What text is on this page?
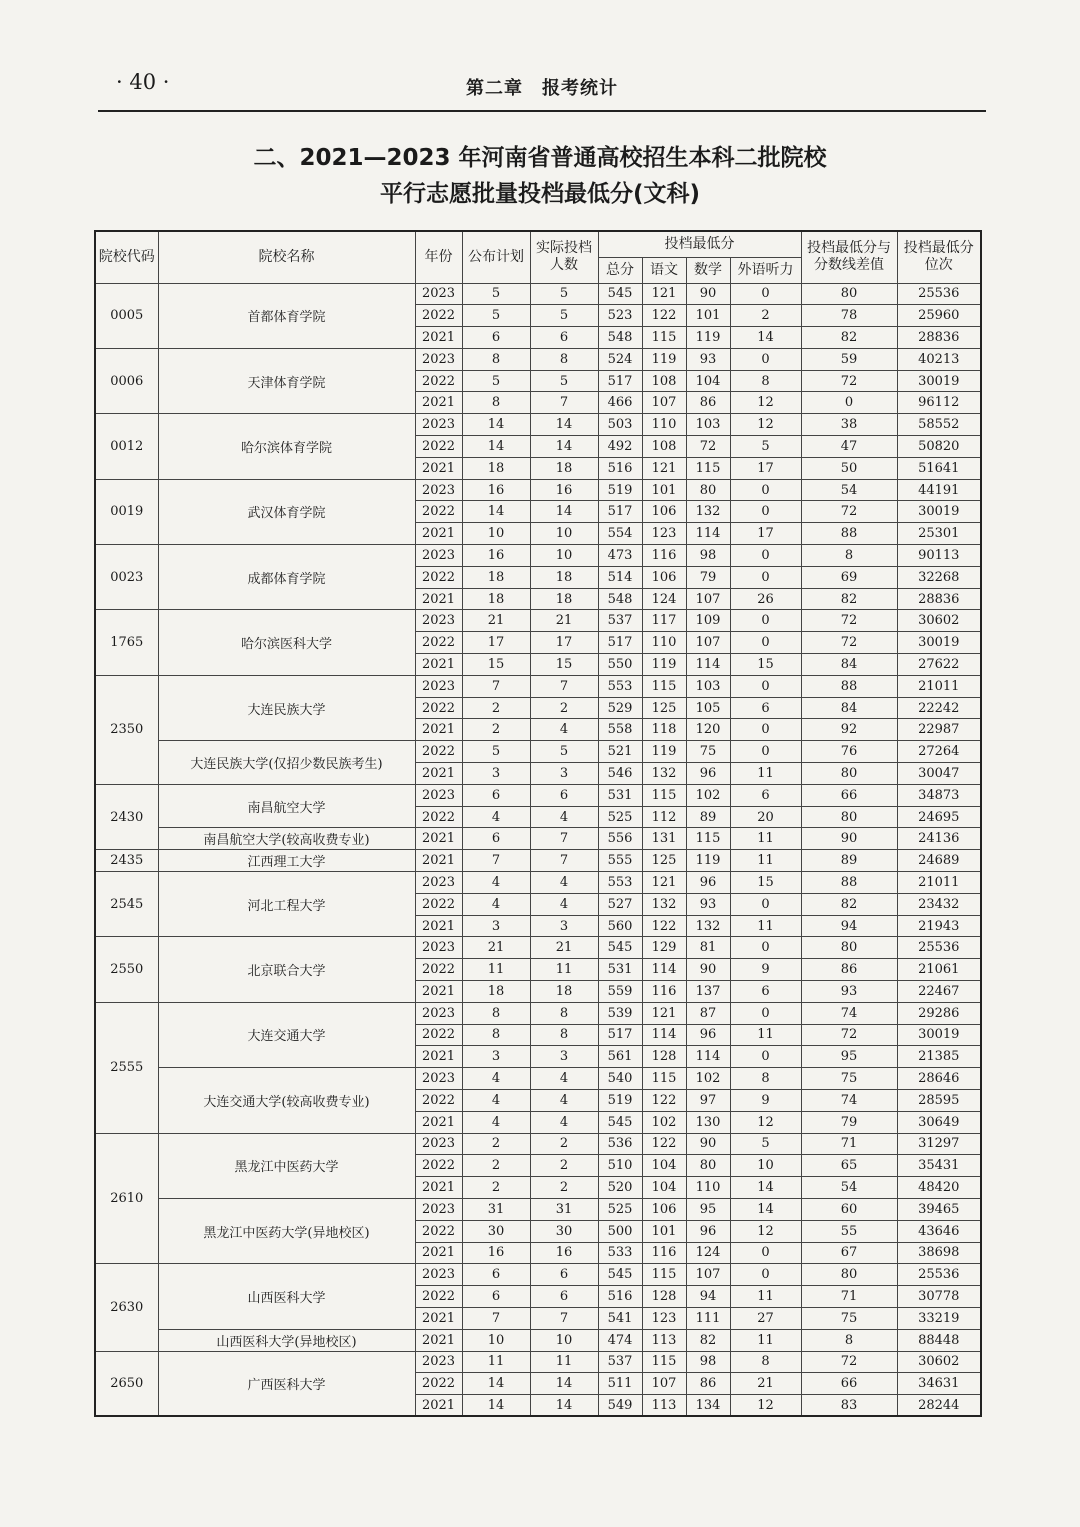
· 40 ·	第二章　报考统计
二、2021—2023 年河南省普通高校招生本科二批院校
平行志愿批量投档最低分(文科)
院校代码	院校名称	年份	公布计划	实际投档人数	投档最低分				投档最低分与分数线差值	投档最低分位次
					总分	语文	数学	外语听力		
0005	首都体育学院	2023	5	5	545	121	90	0	80	25536
		2022	5	5	523	122	101	2	78	25960
		2021	6	6	548	115	119	14	82	28836
0006	天津体育学院	2023	8	8	524	119	93	0	59	40213
		2022	5	5	517	108	104	8	72	30019
		2021	8	7	466	107	86	12	0	96112
0012	哈尔滨体育学院	2023	14	14	503	110	103	12	38	58552
		2022	14	14	492	108	72	5	47	50820
		2021	18	18	516	121	115	17	50	51641
0019	武汉体育学院	2023	16	16	519	101	80	0	54	44191
		2022	14	14	517	106	132	0	72	30019
		2021	10	10	554	123	114	17	88	25301
0023	成都体育学院	2023	16	10	473	116	98	0	8	90113
		2022	18	18	514	106	79	0	69	32268
		2021	18	18	548	124	107	26	82	28836
1765	哈尔滨医科大学	2023	21	21	537	117	109	0	72	30602
		2022	17	17	517	110	107	0	72	30019
		2021	15	15	550	119	114	15	84	27622
2350	大连民族大学	2023	7	7	553	115	103	0	88	21011
		2022	2	2	529	125	105	6	84	22242
		2021	2	4	558	118	120	0	92	22987
	大连民族大学(仅招少数民族考生)	2022	5	5	521	119	75	0	76	27264
		2021	3	3	546	132	96	11	80	30047
2430	南昌航空大学	2023	6	6	531	115	102	6	66	34873
		2022	4	4	525	112	89	20	80	24695
	南昌航空大学(较高收费专业)	2021	6	7	556	131	115	11	90	24136
2435	江西理工大学	2021	7	7	555	125	119	11	89	24689
2545	河北工程大学	2023	4	4	553	121	96	15	88	21011
		2022	4	4	527	132	93	0	82	23432
		2021	3	3	560	122	132	11	94	21943
2550	北京联合大学	2023	21	21	545	129	81	0	80	25536
		2022	11	11	531	114	90	9	86	21061
		2021	18	18	559	116	137	6	93	22467
2555	大连交通大学	2023	8	8	539	121	87	0	74	29286
		2022	8	8	517	114	96	11	72	30019
		2021	3	3	561	128	114	0	95	21385
	大连交通大学(较高收费专业)	2023	4	4	540	115	102	8	75	28646
		2022	4	4	519	122	97	9	74	28595
		2021	4	4	545	102	130	12	79	30649
2610	黑龙江中医药大学	2023	2	2	536	122	90	5	71	31297
		2022	2	2	510	104	80	10	65	35431
		2021	2	2	520	104	110	14	54	48420
	黑龙江中医药大学(异地校区)	2023	31	31	525	106	95	14	60	39465
		2022	30	30	500	101	96	12	55	43646
		2021	16	16	533	116	124	0	67	38698
2630	山西医科大学	2023	6	6	545	115	107	0	80	25536
		2022	6	6	516	128	94	11	71	30778
		2021	7	7	541	123	111	27	75	33219
	山西医科大学(异地校区)	2021	10	10	474	113	82	11	8	88448
2650	广西医科大学	2023	11	11	537	115	98	8	72	30602
		2022	14	14	511	107	86	21	66	34631
		2021	14	14	549	113	134	12	83	28244
